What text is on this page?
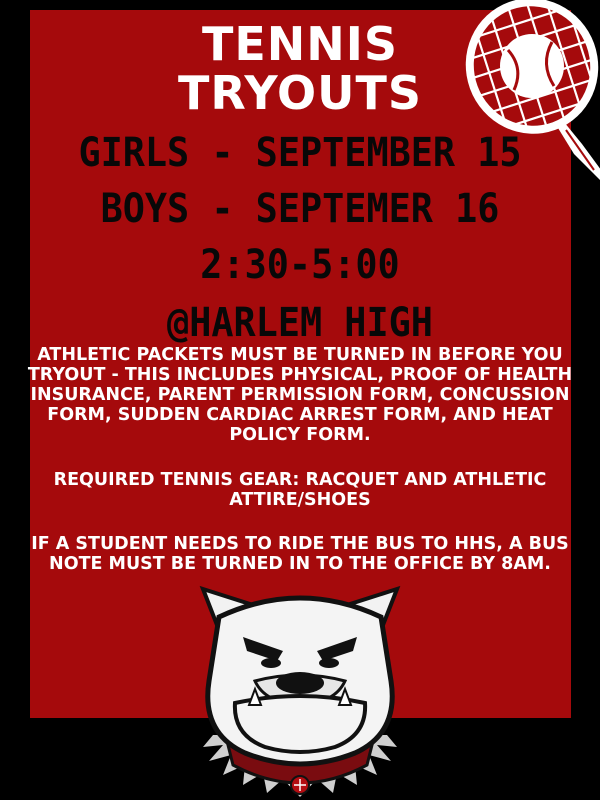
TENNIS
TRYOUTS
GIRLS - SEPTEMBER 15
BOYS - SEPTEMER 16
2:30-5:00
@HARLEM HIGH
ATHLETIC PACKETS MUST BE TURNED IN BEFORE YOU TRYOUT - THIS INCLUDES PHYSICAL, PROOF OF HEALTH INSURANCE, PARENT PERMISSION FORM, CONCUSSION FORM, SUDDEN CARDIAC ARREST FORM, AND HEAT POLICY FORM.
REQUIRED TENNIS GEAR: RACQUET AND ATHLETIC ATTIRE/SHOES
IF A STUDENT NEEDS TO RIDE THE BUS TO HHS, A BUS NOTE MUST BE TURNED IN TO THE OFFICE BY 8AM.
